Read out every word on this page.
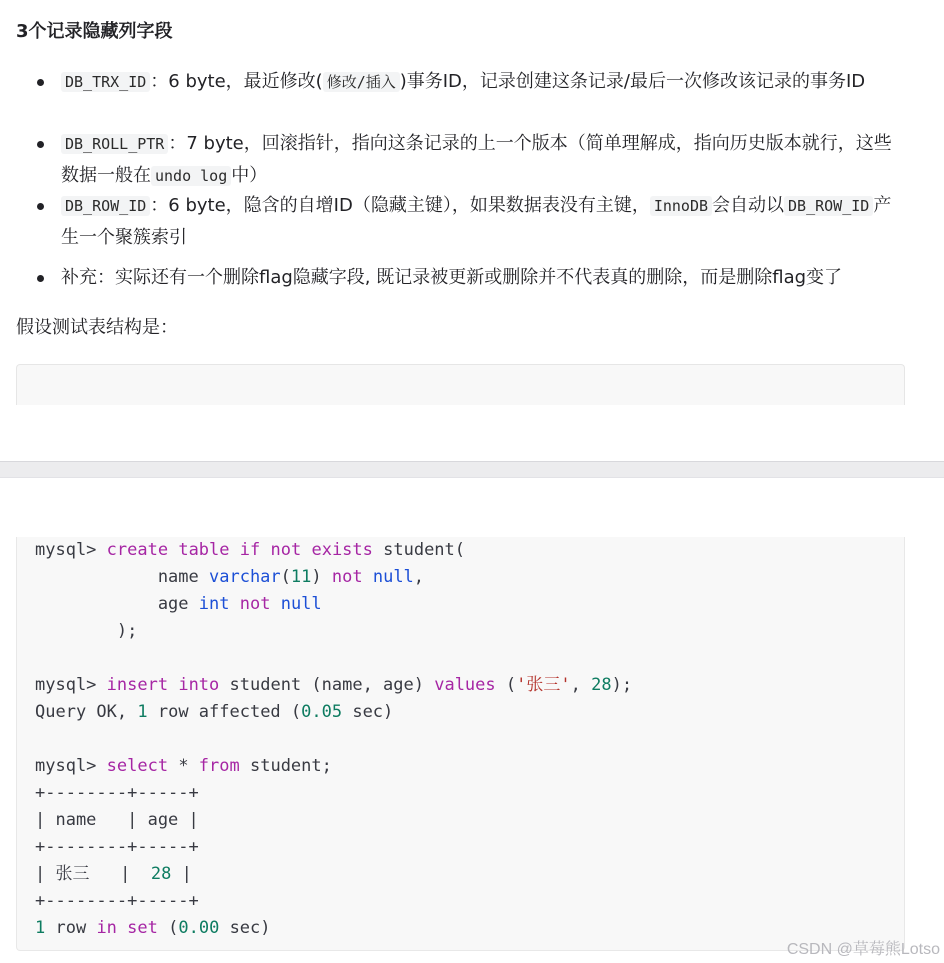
3个记录隐藏列字段
DB_TRX_ID ：6 byte，最近修改( 修改/插入 )事务ID，记录创建这条记录/最后一次修改该记录的事务ID
DB_ROLL_PTR ：7 byte，回滚指针，指向这条记录的上一个版本（简单理解成，指向历史版本就行，这些数据一般在 undo log 中）
DB_ROW_ID ：6 byte，隐含的自增ID（隐藏主键），如果数据表没有主键， InnoDB 会自动以 DB_ROW_ID 产生一个聚簇索引
补充：实际还有一个删除flag隐藏字段, 既记录被更新或删除并不代表真的删除，而是删除flag变了

假设测试表结构是：

mysql> create table if not exists student(
name varchar(11) not null,
age int not null
);

mysql> insert into student (name, age) values ('张三', 28);
Query OK, 1 row affected (0.05 sec)

mysql> select * from student;
+--------+-----+
| name   | age |
+--------+-----+
| 张三   |  28 |
+--------+-----+
1 row in set (0.00 sec)
CSDN @草莓熊Lotso
